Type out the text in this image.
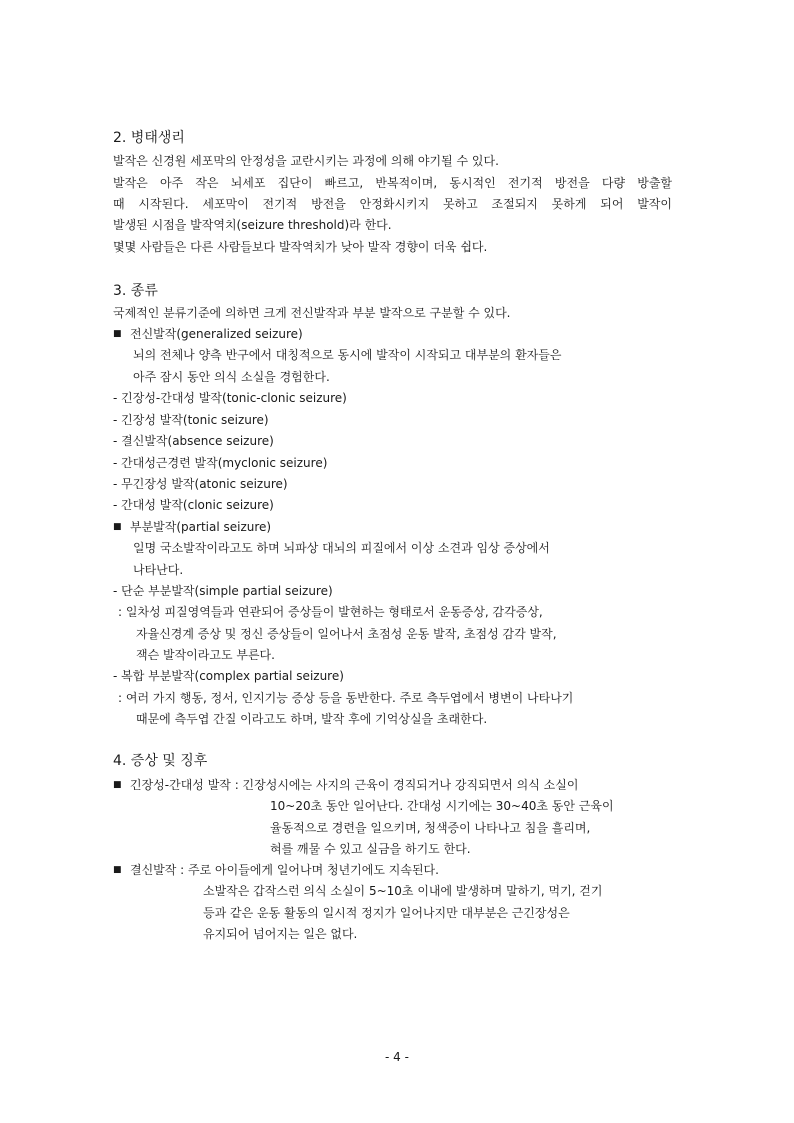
2. 병태생리
발작은 신경원 세포막의 안정성을 교란시키는 과정에 의해 야기될 수 있다.
발작은 아주 작은 뇌세포 집단이 빠르고, 반복적이며, 동시적인 전기적 방전을 다량 방출할
때 시작된다. 세포막이 전기적 방전을 안정화시키지 못하고 조절되지 못하게 되어 발작이
발생된 시점을 발작역치(seizure threshold)라 한다.
몇몇 사람들은 다른 사람들보다 발작역치가 낮아 발작 경향이 더욱 쉽다.
3. 종류
국제적인 분류기준에 의하면 크게 전신발작과 부분 발작으로 구분할 수 있다.
■ 전신발작(generalized seizure)
뇌의 전체나 양측 반구에서 대칭적으로 동시에 발작이 시작되고 대부분의 환자들은
아주 잠시 동안 의식 소실을 경험한다.
- 긴장성-간대성 발작(tonic-clonic seizure)
- 긴장성 발작(tonic seizure)
- 결신발작(absence seizure)
- 간대성근경련 발작(myclonic seizure)
- 무긴장성 발작(atonic seizure)
- 간대성 발작(clonic seizure)
■ 부분발작(partial seizure)
일명 국소발작이라고도 하며 뇌파상 대뇌의 피질에서 이상 소견과 임상 증상에서
나타난다.
- 단순 부분발작(simple partial seizure)
: 일차성 피질영역들과 연관되어 증상들이 발현하는 형태로서 운동증상, 감각증상,
자율신경계 증상 및 정신 증상들이 일어나서 초점성 운동 발작, 초점성 감각 발작,
잭슨 발작이라고도 부른다.
- 복합 부분발작(complex partial seizure)
: 여러 가지 행동, 정서, 인지기능 증상 등을 동반한다. 주로 측두엽에서 병변이 나타나기
때문에 측두엽 간질 이라고도 하며, 발작 후에 기억상실을 초래한다.
4. 증상 및 징후
■ 긴장성-간대성 발작 : 긴장성시에는 사지의 근육이 경직되거나 강직되면서 의식 소실이
10~20초 동안 일어난다. 간대성 시기에는 30~40초 동안 근육이
율동적으로 경련을 일으키며, 청색증이 나타나고 침을 흘리며,
혀를 깨물 수 있고 실금을 하기도 한다.
■ 결신발작 : 주로 아이들에게 일어나며 청년기에도 지속된다.
소발작은 갑작스런 의식 소실이 5~10초 이내에 발생하며 말하기, 먹기, 걷기
등과 같은 운동 활동의 일시적 정지가 일어나지만 대부분은 근긴장성은
유지되어 넘어지는 일은 없다.
- 4 -
